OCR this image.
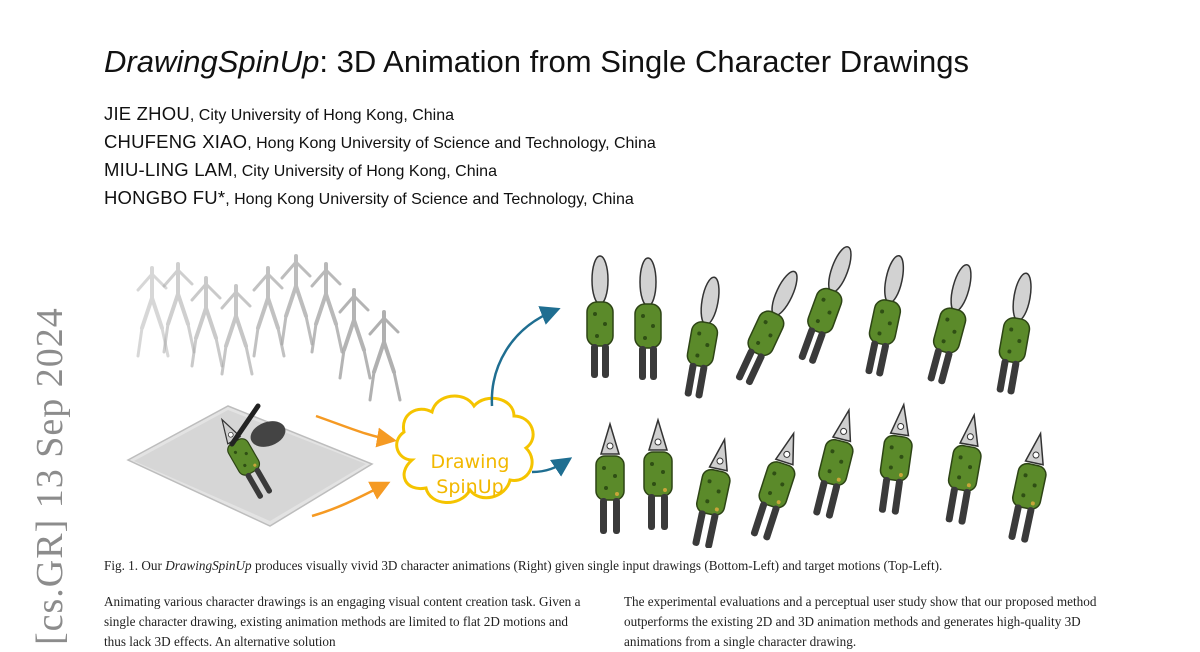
[cs.GR] 13 Sep 2024
DrawingSpinUp: 3D Animation from Single Character Drawings
JIE ZHOU, City University of Hong Kong, China
CHUFENG XIAO, Hong Kong University of Science and Technology, China
MIU-LING LAM, City University of Hong Kong, China
HONGBO FU*, Hong Kong University of Science and Technology, China
Drawing
SpinUp
Fig. 1. Our DrawingSpinUp produces visually vivid 3D character animations (Right) given single input drawings (Bottom-Left) and target motions (Top-Left).

Animating various character drawings is an engaging visual content creation task. Given a single character drawing, existing animation methods are limited to flat 2D motions and thus lack 3D effects. An alternative solution

The experimental evaluations and a perceptual user study show that our proposed method outperforms the existing 2D and 3D animation methods and generates high-quality 3D animations from a single character drawing.
